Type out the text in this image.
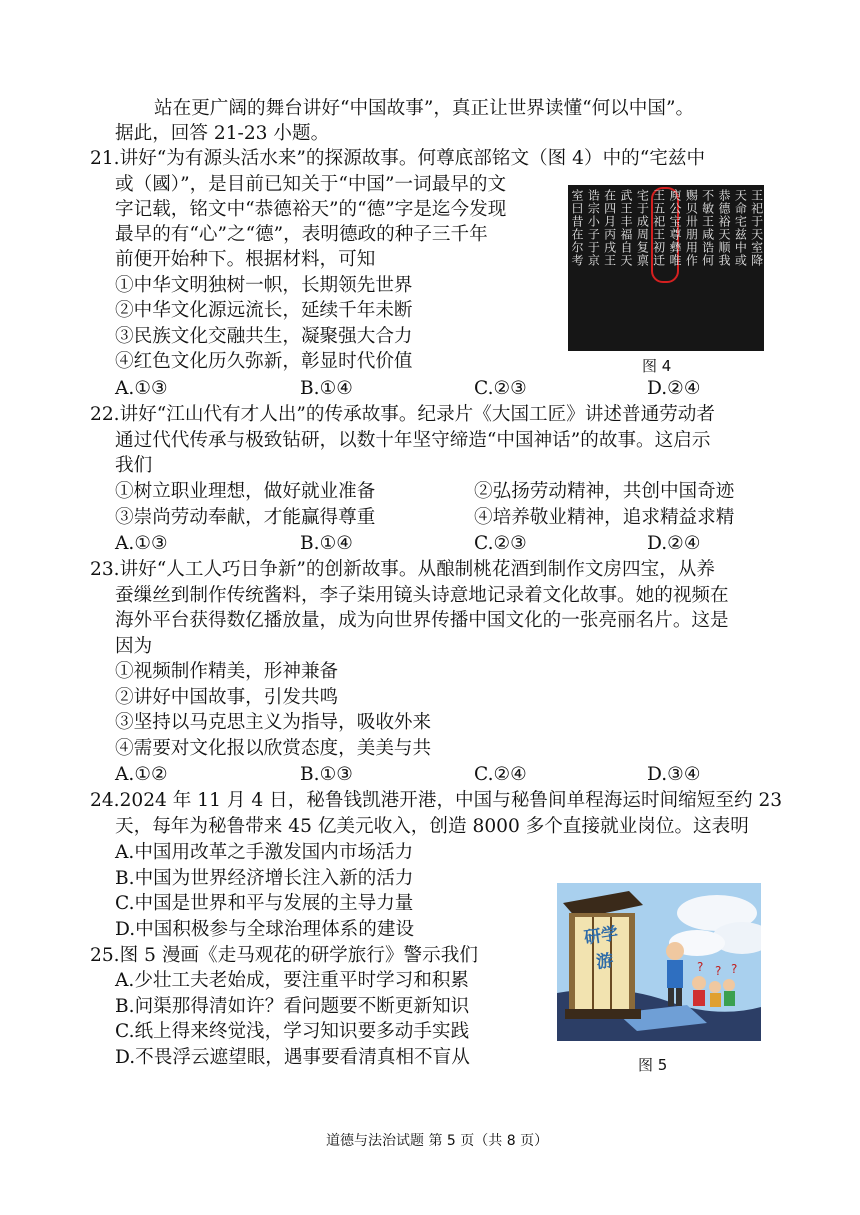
站在更广阔的舞台讲好“中国故事”，真正让世界读懂“何以中国”。
据此，回答 21-23 小题。
21.讲好“为有源头活水来”的探源故事。何尊底部铭文（图 4）中的“宅兹中
或（國）”，是目前已知关于“中国”一词最早的文
字记载，铭文中“恭德裕天”的“德”字是迄今发现
最早的有“心”之“德”，表明德政的种子三千年
前便开始种下。根据材料，可知
①中华文明独树一帜，长期领先世界
②中华文化源远流长，延续千年未断
③民族文化交融共生，凝聚强大合力
④红色文化历久弥新，彰显时代价值
A.①③	B.①④	C.②③	D.②④
王祀于天室降
天命宅兹中或
恭德裕天顺我
不敏王咸诰何
赐贝卅朋用作
庾公宝尊彝唯
王五祀王初迁
宅于成周复禀
武王丰福自天
在四月丙戌王
诰宗小子于京
室曰昔在尔考
图 4
22.讲好“江山代有才人出”的传承故事。纪录片《大国工匠》讲述普通劳动者
通过代代传承与极致钻研，以数十年坚守缔造“中国神话”的故事。这启示
我们
①树立职业理想，做好就业准备	②弘扬劳动精神，共创中国奇迹
③崇尚劳动奉献，才能赢得尊重	④培养敬业精神，追求精益求精
A.①③	B.①④	C.②③	D.②④
23.讲好“人工人巧日争新”的创新故事。从酿制桃花酒到制作文房四宝，从养
蚕缫丝到制作传统酱料，李子柒用镜头诗意地记录着文化故事。她的视频在
海外平台获得数亿播放量，成为向世界传播中国文化的一张亮丽名片。这是
因为
①视频制作精美，形神兼备
②讲好中国故事，引发共鸣
③坚持以马克思主义为指导，吸收外来
④需要对文化报以欣赏态度，美美与共
A.①②	B.①③	C.②④	D.③④
24.2024 年 11 月 4 日，秘鲁钱凯港开港，中国与秘鲁间单程海运时间缩短至约 23
天，每年为秘鲁带来 45 亿美元收入，创造 8000 多个直接就业岗位。这表明
A.中国用改革之手激发国内市场活力
B.中国为世界经济增长注入新的活力
C.中国是世界和平与发展的主导力量
D.中国积极参与全球治理体系的建设
25.图 5 漫画《走马观花的研学旅行》警示我们
A.少壮工夫老始成，要注重平时学习和积累
B.问渠那得清如许？看问题要不断更新知识
C.纸上得来终觉浅，学习知识要多动手实践
D.不畏浮云遮望眼，遇事要看清真相不盲从
? ? ?
研学游
图 5
道德与法治试题 第 5 页（共 8 页）
